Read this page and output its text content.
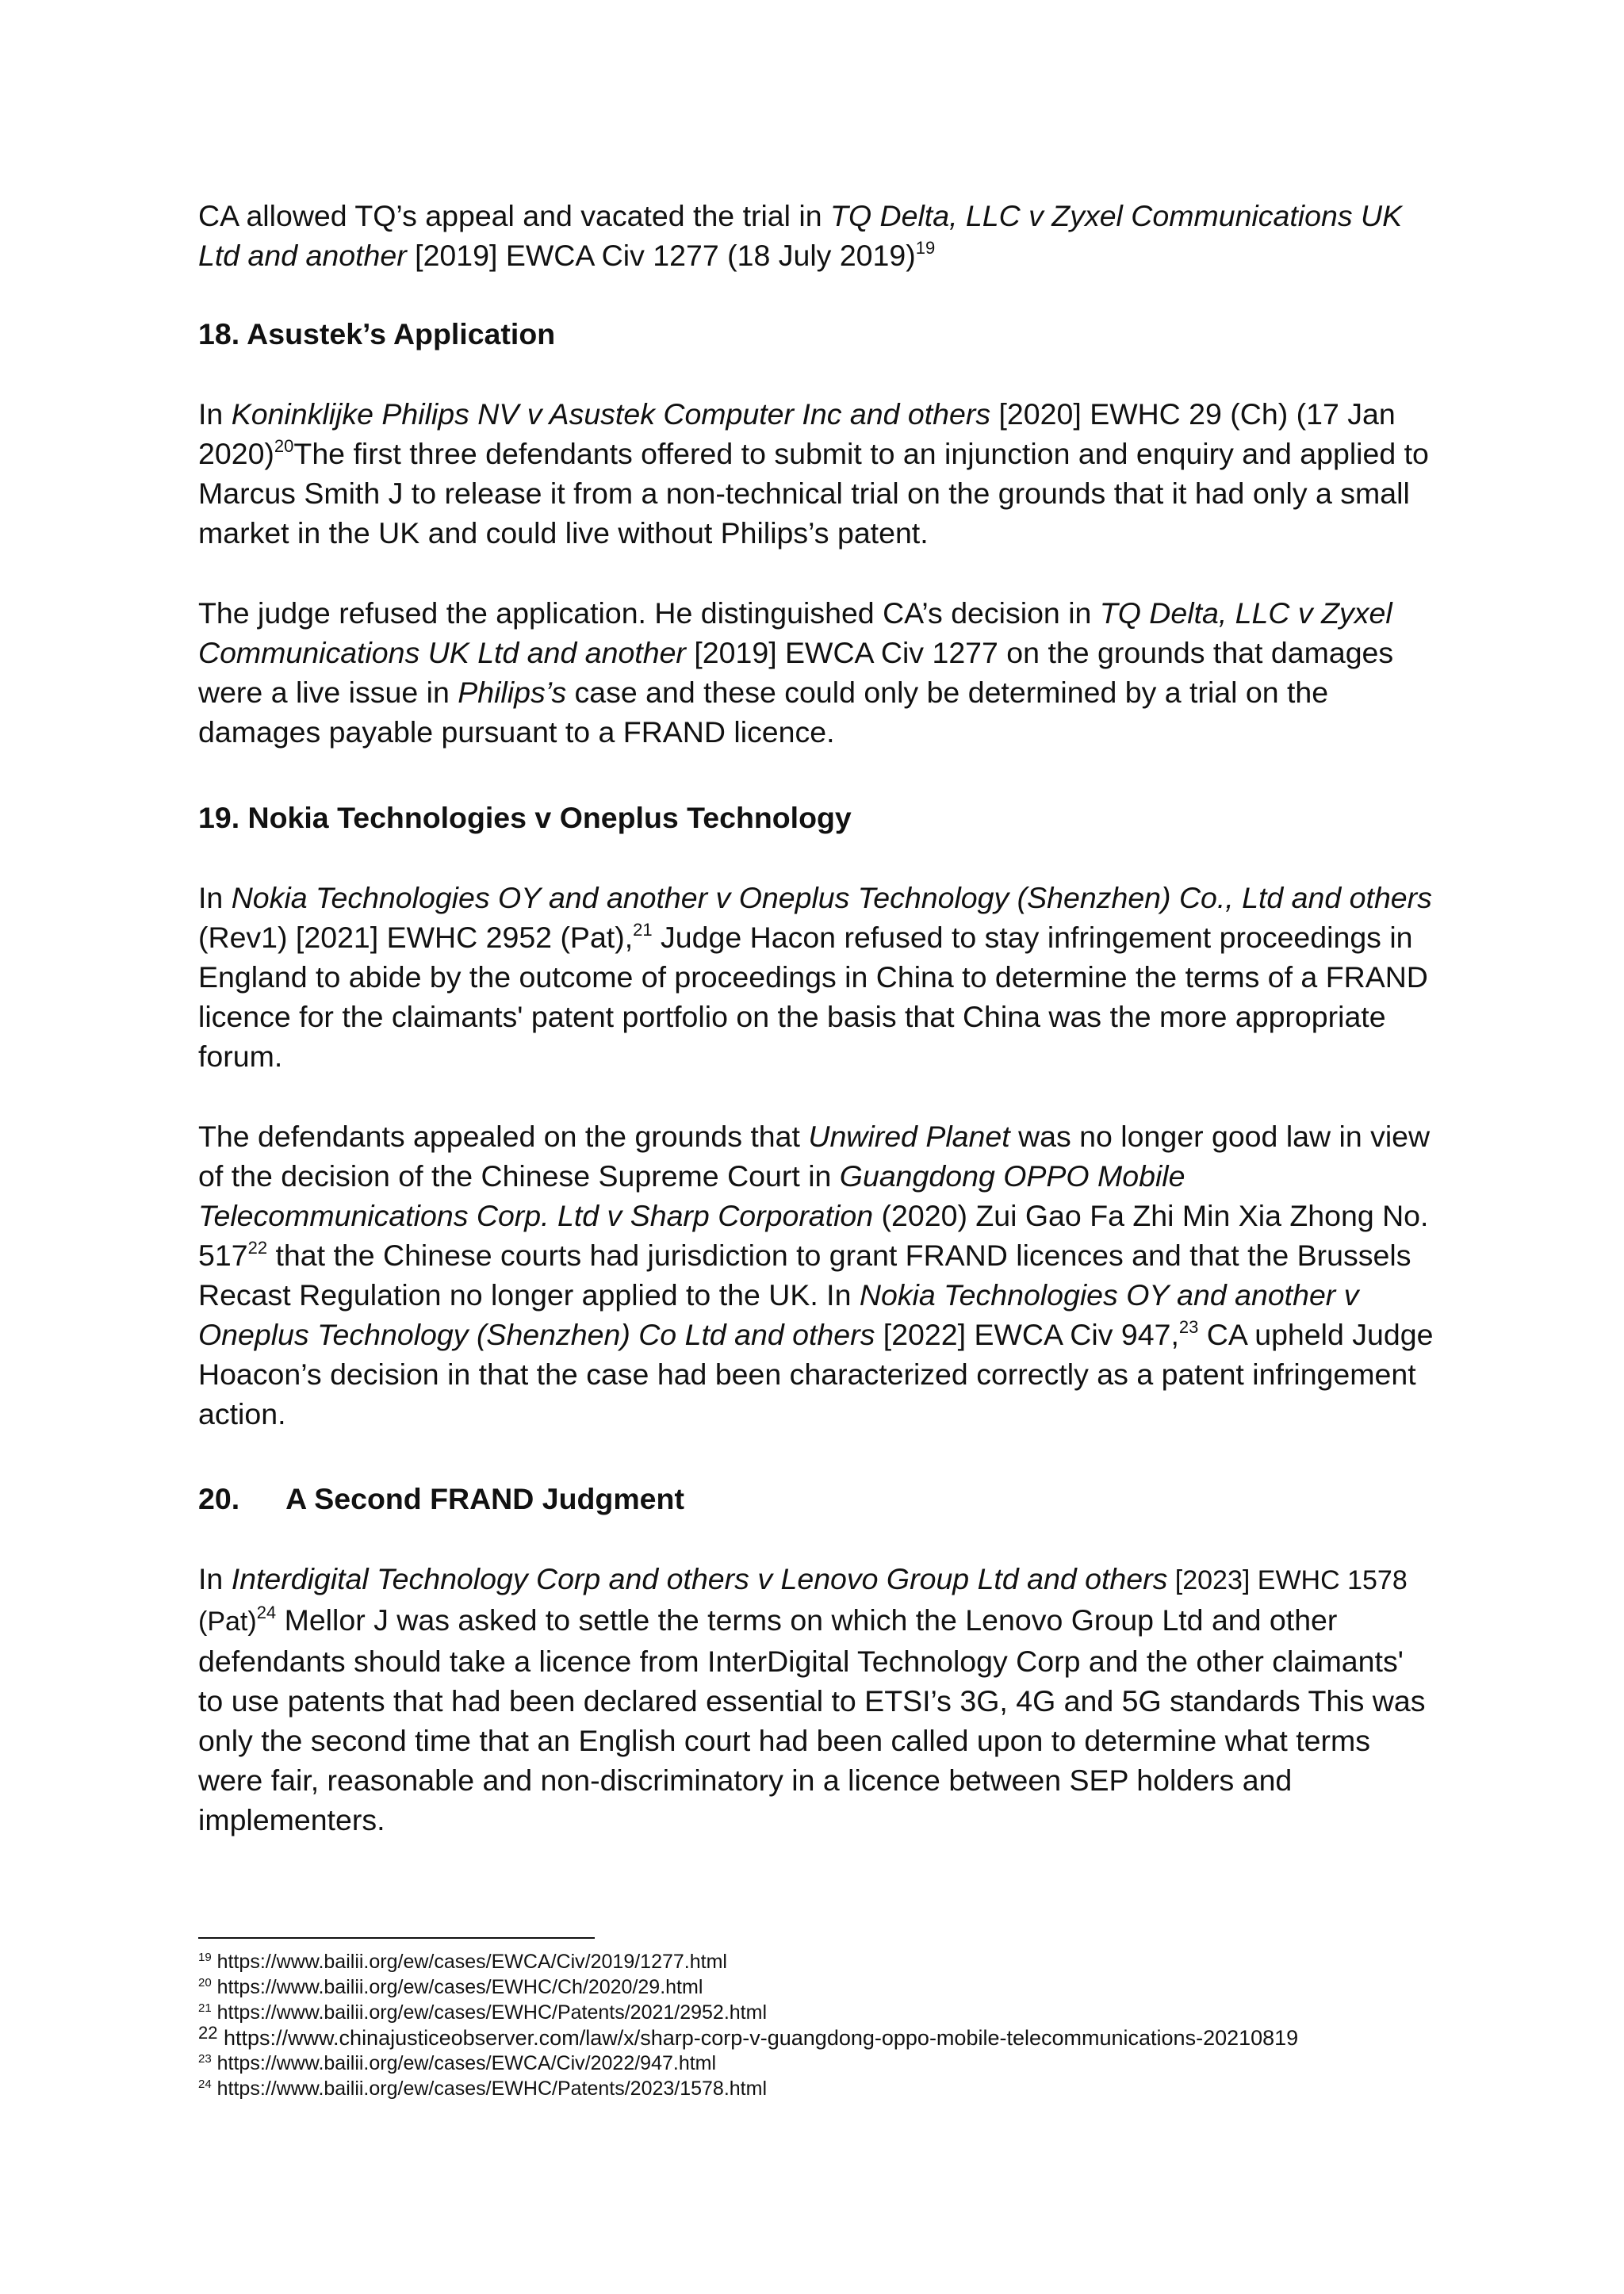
CA allowed TQ’s appeal and vacated the trial in TQ Delta, LLC v Zyxel Communications UK Ltd and another [2019] EWCA Civ 1277 (18 July 2019)$^{19}$

18. Asustek’s Application

In Koninklijke Philips NV v Asustek Computer Inc and others [2020] EWHC 29 (Ch) (17 Jan 2020)$^{20}$The first three defendants offered to submit to an injunction and enquiry and applied to Marcus Smith J to release it from a non-technical trial on the grounds that it had only a small market in the UK and could live without Philips’s patent.

The judge refused the application. He distinguished CA’s decision in TQ Delta, LLC v Zyxel Communications UK Ltd and another [2019] EWCA Civ 1277 on the grounds that damages were a live issue in Philips’s case and these could only be determined by a trial on the damages payable pursuant to a FRAND licence.

19. Nokia Technologies v Oneplus Technology

In Nokia Technologies OY and another v Oneplus Technology (Shenzhen) Co., Ltd and others (Rev1) [2021] EWHC 2952 (Pat),$^{21}$ Judge Hacon refused to stay infringement proceedings in England to abide by the outcome of proceedings in China to determine the terms of a FRAND licence for the claimants' patent portfolio on the basis that China was the more appropriate forum.

The defendants appealed on the grounds that Unwired Planet was no longer good law in view of the decision of the Chinese Supreme Court in Guangdong OPPO Mobile Telecommunications Corp. Ltd v Sharp Corporation (2020) Zui Gao Fa Zhi Min Xia Zhong No. $517^{22}$ that the Chinese courts had jurisdiction to grant FRAND licences and that the Brussels Recast Regulation no longer applied to the UK. In Nokia Technologies OY and another v Oneplus Technology (Shenzhen) Co Ltd and others [2022] EWCA Civ 947,23 CA upheld Judge Hoacon’s decision in that the case had been characterized correctly as a patent infringement action.

20. A Second FRAND Judgment

In Interdigital Technology Corp and others v Lenovo Group Ltd and others [2023] EWHC 1578 (Pat)$^{24}$ Mellor J was asked to settle the terms on which the Lenovo Group Ltd and other defendants should take a licence from InterDigital Technology Corp and the other claimants' to use patents that had been declared essential to ETSI’s 3G, 4G and 5G standards This was only the second time that an English court had been called upon to determine what terms were fair, reasonable and non-discriminatory in a licence between SEP holders and implementers.

$^{19}$ https://www.bailii.org/ew/cases/EWCA/Civ/2019/1277.html
$^{20}$ https://www.bailii.org/ew/cases/EWHC/Ch/2020/29.html
$^{21}$ https://www.bailii.org/ew/cases/EWHC/Patents/2021/2952.html
$^{22}$ https://www.chinajusticeobserver.com/law/x/sharp-corp-v-guangdong-oppo-mobile-telecommunications-20210819
$^{23}$ https://www.bailii.org/ew/cases/EWCA/Civ/2022/947.html
$^{24}$ https://www.bailii.org/ew/cases/EWHC/Patents/2023/1578.html
